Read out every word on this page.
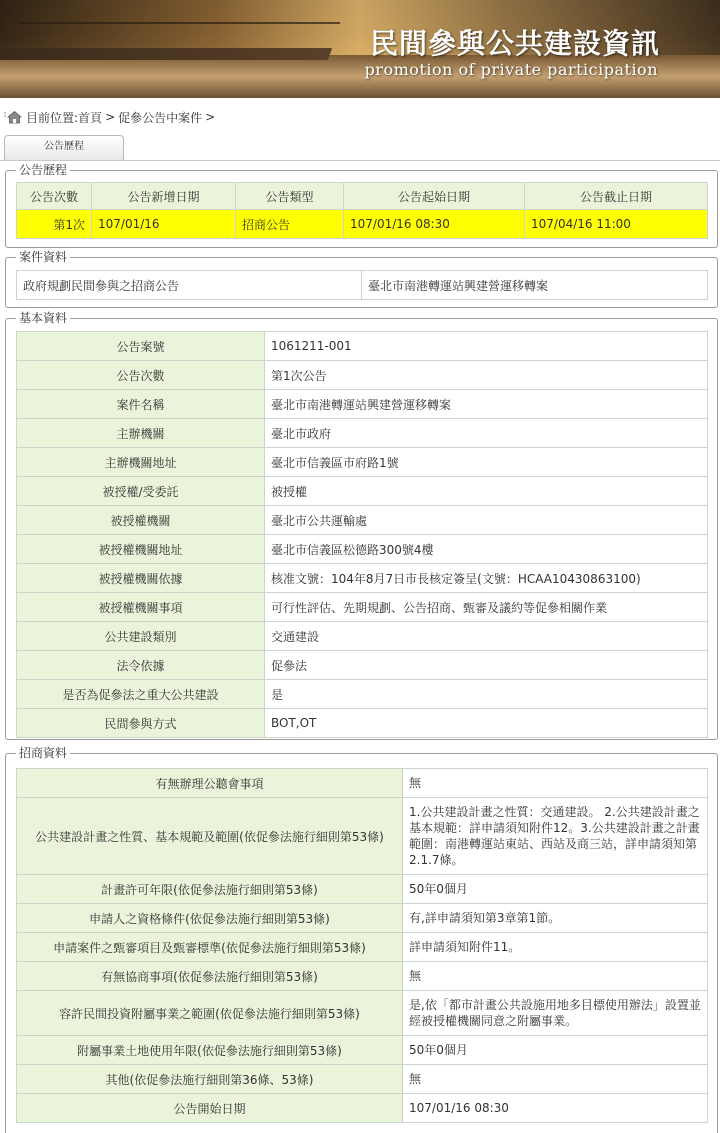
民間參與公共建設資訊
promotion of private participation
目前位置: 首頁 > 促參公告中案件 >
公告歷程
公告歷程
公告次數	公告新增日期	公告類型	公告起始日期	公告截止日期
第1次	107/01/16	招商公告	107/01/16 08:30	107/04/16 11:00
案件資料
政府規劃民間參與之招商公告	臺北市南港轉運站興建營運移轉案
基本資料
公告案號	1061211-001
公告次數	第1次公告
案件名稱	臺北市南港轉運站興建營運移轉案
主辦機關	臺北市政府
主辦機關地址	臺北市信義區市府路1號
被授權/受委託	被授權
被授權機關	臺北市公共運輸處
被授權機關地址	臺北市信義區松德路300號4樓
被授權機關依據	核准文號：104年8月7日市長核定簽呈(文號：HCAA10430863100)
被授權機關事項	可行性評估、先期規劃、公告招商、甄審及議約等促參相關作業
公共建設類別	交通建設
法令依據	促參法
是否為促參法之重大公共建設	是
民間參與方式	BOT,OT
招商資料
有無辦理公聽會事項	無
公共建設計畫之性質、基本規範及範圍(依促參法施行細則第53條)	1.公共建設計畫之性質：交通建設。 2.公共建設計畫之基本規範：詳申請須知附件12。3.公共建設計畫之計畫範圍：南港轉運站東站、西站及商三站，詳申請須知第2.1.7條。
計畫許可年限(依促參法施行細則第53條)	50年0個月
申請人之資格條件(依促參法施行細則第53條)	有,詳申請須知第3章第1節。
申請案件之甄審項目及甄審標準(依促參法施行細則第53條)	詳申請須知附件11。
有無協商事項(依促參法施行細則第53條)	無
容許民間投資附屬事業之範圍(依促參法施行細則第53條)	是,依「都市計畫公共設施用地多目標使用辦法」設置並經被授權機關同意之附屬事業。
附屬事業土地使用年限(依促參法施行細則第53條)	50年0個月
其他(依促參法施行細則第36條、53條)	無
公告開始日期	107/01/16 08:30
